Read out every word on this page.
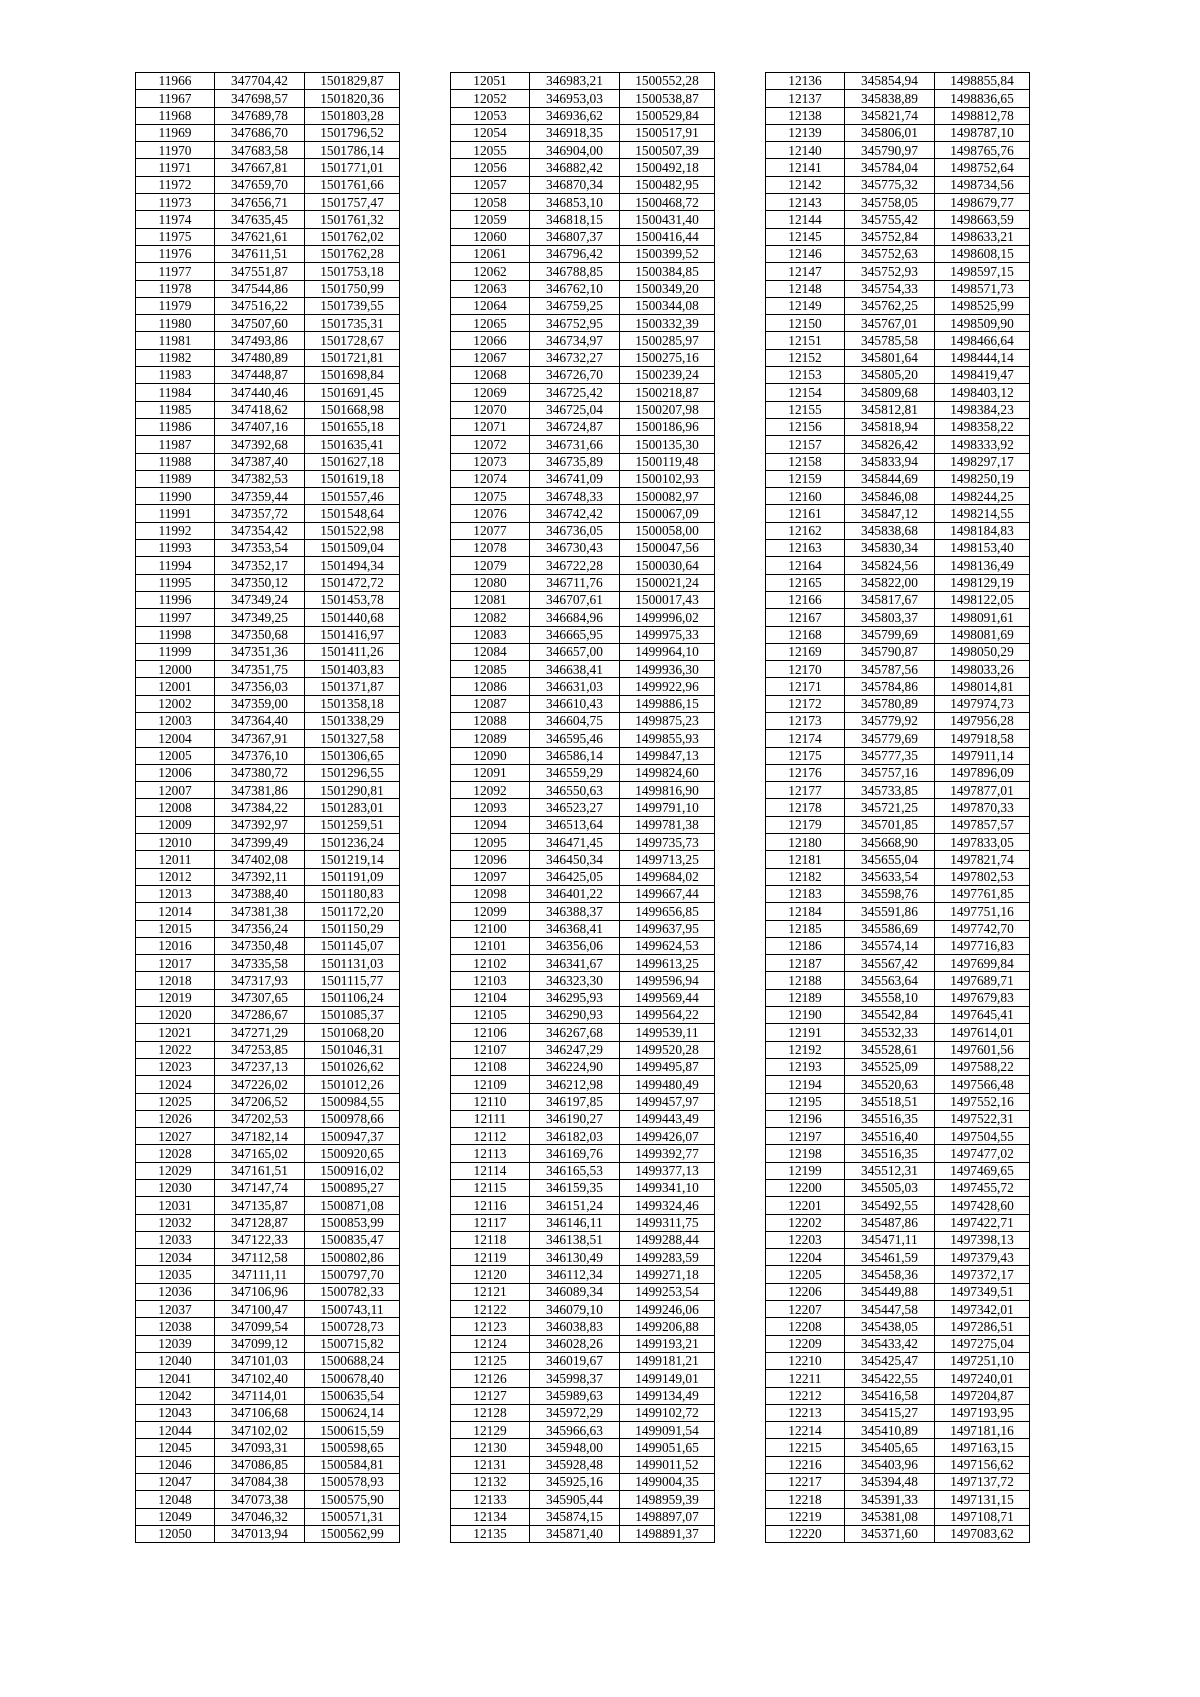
11966	347704,42	1501829,87
11967	347698,57	1501820,36
11968	347689,78	1501803,28
11969	347686,70	1501796,52
11970	347683,58	1501786,14
11971	347667,81	1501771,01
11972	347659,70	1501761,66
11973	347656,71	1501757,47
11974	347635,45	1501761,32
11975	347621,61	1501762,02
11976	347611,51	1501762,28
11977	347551,87	1501753,18
11978	347544,86	1501750,99
11979	347516,22	1501739,55
11980	347507,60	1501735,31
11981	347493,86	1501728,67
11982	347480,89	1501721,81
11983	347448,87	1501698,84
11984	347440,46	1501691,45
11985	347418,62	1501668,98
11986	347407,16	1501655,18
11987	347392,68	1501635,41
11988	347387,40	1501627,18
11989	347382,53	1501619,18
11990	347359,44	1501557,46
11991	347357,72	1501548,64
11992	347354,42	1501522,98
11993	347353,54	1501509,04
11994	347352,17	1501494,34
11995	347350,12	1501472,72
11996	347349,24	1501453,78
11997	347349,25	1501440,68
11998	347350,68	1501416,97
11999	347351,36	1501411,26
12000	347351,75	1501403,83
12001	347356,03	1501371,87
12002	347359,00	1501358,18
12003	347364,40	1501338,29
12004	347367,91	1501327,58
12005	347376,10	1501306,65
12006	347380,72	1501296,55
12007	347381,86	1501290,81
12008	347384,22	1501283,01
12009	347392,97	1501259,51
12010	347399,49	1501236,24
12011	347402,08	1501219,14
12012	347392,11	1501191,09
12013	347388,40	1501180,83
12014	347381,38	1501172,20
12015	347356,24	1501150,29
12016	347350,48	1501145,07
12017	347335,58	1501131,03
12018	347317,93	1501115,77
12019	347307,65	1501106,24
12020	347286,67	1501085,37
12021	347271,29	1501068,20
12022	347253,85	1501046,31
12023	347237,13	1501026,62
12024	347226,02	1501012,26
12025	347206,52	1500984,55
12026	347202,53	1500978,66
12027	347182,14	1500947,37
12028	347165,02	1500920,65
12029	347161,51	1500916,02
12030	347147,74	1500895,27
12031	347135,87	1500871,08
12032	347128,87	1500853,99
12033	347122,33	1500835,47
12034	347112,58	1500802,86
12035	347111,11	1500797,70
12036	347106,96	1500782,33
12037	347100,47	1500743,11
12038	347099,54	1500728,73
12039	347099,12	1500715,82
12040	347101,03	1500688,24
12041	347102,40	1500678,40
12042	347114,01	1500635,54
12043	347106,68	1500624,14
12044	347102,02	1500615,59
12045	347093,31	1500598,65
12046	347086,85	1500584,81
12047	347084,38	1500578,93
12048	347073,38	1500575,90
12049	347046,32	1500571,31
12050	347013,94	1500562,99
12051	346983,21	1500552,28
12052	346953,03	1500538,87
12053	346936,62	1500529,84
12054	346918,35	1500517,91
12055	346904,00	1500507,39
12056	346882,42	1500492,18
12057	346870,34	1500482,95
12058	346853,10	1500468,72
12059	346818,15	1500431,40
12060	346807,37	1500416,44
12061	346796,42	1500399,52
12062	346788,85	1500384,85
12063	346762,10	1500349,20
12064	346759,25	1500344,08
12065	346752,95	1500332,39
12066	346734,97	1500285,97
12067	346732,27	1500275,16
12068	346726,70	1500239,24
12069	346725,42	1500218,87
12070	346725,04	1500207,98
12071	346724,87	1500186,96
12072	346731,66	1500135,30
12073	346735,89	1500119,48
12074	346741,09	1500102,93
12075	346748,33	1500082,97
12076	346742,42	1500067,09
12077	346736,05	1500058,00
12078	346730,43	1500047,56
12079	346722,28	1500030,64
12080	346711,76	1500021,24
12081	346707,61	1500017,43
12082	346684,96	1499996,02
12083	346665,95	1499975,33
12084	346657,00	1499964,10
12085	346638,41	1499936,30
12086	346631,03	1499922,96
12087	346610,43	1499886,15
12088	346604,75	1499875,23
12089	346595,46	1499855,93
12090	346586,14	1499847,13
12091	346559,29	1499824,60
12092	346550,63	1499816,90
12093	346523,27	1499791,10
12094	346513,64	1499781,38
12095	346471,45	1499735,73
12096	346450,34	1499713,25
12097	346425,05	1499684,02
12098	346401,22	1499667,44
12099	346388,37	1499656,85
12100	346368,41	1499637,95
12101	346356,06	1499624,53
12102	346341,67	1499613,25
12103	346323,30	1499596,94
12104	346295,93	1499569,44
12105	346290,93	1499564,22
12106	346267,68	1499539,11
12107	346247,29	1499520,28
12108	346224,90	1499495,87
12109	346212,98	1499480,49
12110	346197,85	1499457,97
12111	346190,27	1499443,49
12112	346182,03	1499426,07
12113	346169,76	1499392,77
12114	346165,53	1499377,13
12115	346159,35	1499341,10
12116	346151,24	1499324,46
12117	346146,11	1499311,75
12118	346138,51	1499288,44
12119	346130,49	1499283,59
12120	346112,34	1499271,18
12121	346089,34	1499253,54
12122	346079,10	1499246,06
12123	346038,83	1499206,88
12124	346028,26	1499193,21
12125	346019,67	1499181,21
12126	345998,37	1499149,01
12127	345989,63	1499134,49
12128	345972,29	1499102,72
12129	345966,63	1499091,54
12130	345948,00	1499051,65
12131	345928,48	1499011,52
12132	345925,16	1499004,35
12133	345905,44	1498959,39
12134	345874,15	1498897,07
12135	345871,40	1498891,37
12136	345854,94	1498855,84
12137	345838,89	1498836,65
12138	345821,74	1498812,78
12139	345806,01	1498787,10
12140	345790,97	1498765,76
12141	345784,04	1498752,64
12142	345775,32	1498734,56
12143	345758,05	1498679,77
12144	345755,42	1498663,59
12145	345752,84	1498633,21
12146	345752,63	1498608,15
12147	345752,93	1498597,15
12148	345754,33	1498571,73
12149	345762,25	1498525,99
12150	345767,01	1498509,90
12151	345785,58	1498466,64
12152	345801,64	1498444,14
12153	345805,20	1498419,47
12154	345809,68	1498403,12
12155	345812,81	1498384,23
12156	345818,94	1498358,22
12157	345826,42	1498333,92
12158	345833,94	1498297,17
12159	345844,69	1498250,19
12160	345846,08	1498244,25
12161	345847,12	1498214,55
12162	345838,68	1498184,83
12163	345830,34	1498153,40
12164	345824,56	1498136,49
12165	345822,00	1498129,19
12166	345817,67	1498122,05
12167	345803,37	1498091,61
12168	345799,69	1498081,69
12169	345790,87	1498050,29
12170	345787,56	1498033,26
12171	345784,86	1498014,81
12172	345780,89	1497974,73
12173	345779,92	1497956,28
12174	345779,69	1497918,58
12175	345777,35	1497911,14
12176	345757,16	1497896,09
12177	345733,85	1497877,01
12178	345721,25	1497870,33
12179	345701,85	1497857,57
12180	345668,90	1497833,05
12181	345655,04	1497821,74
12182	345633,54	1497802,53
12183	345598,76	1497761,85
12184	345591,86	1497751,16
12185	345586,69	1497742,70
12186	345574,14	1497716,83
12187	345567,42	1497699,84
12188	345563,64	1497689,71
12189	345558,10	1497679,83
12190	345542,84	1497645,41
12191	345532,33	1497614,01
12192	345528,61	1497601,56
12193	345525,09	1497588,22
12194	345520,63	1497566,48
12195	345518,51	1497552,16
12196	345516,35	1497522,31
12197	345516,40	1497504,55
12198	345516,35	1497477,02
12199	345512,31	1497469,65
12200	345505,03	1497455,72
12201	345492,55	1497428,60
12202	345487,86	1497422,71
12203	345471,11	1497398,13
12204	345461,59	1497379,43
12205	345458,36	1497372,17
12206	345449,88	1497349,51
12207	345447,58	1497342,01
12208	345438,05	1497286,51
12209	345433,42	1497275,04
12210	345425,47	1497251,10
12211	345422,55	1497240,01
12212	345416,58	1497204,87
12213	345415,27	1497193,95
12214	345410,89	1497181,16
12215	345405,65	1497163,15
12216	345403,96	1497156,62
12217	345394,48	1497137,72
12218	345391,33	1497131,15
12219	345381,08	1497108,71
12220	345371,60	1497083,62
